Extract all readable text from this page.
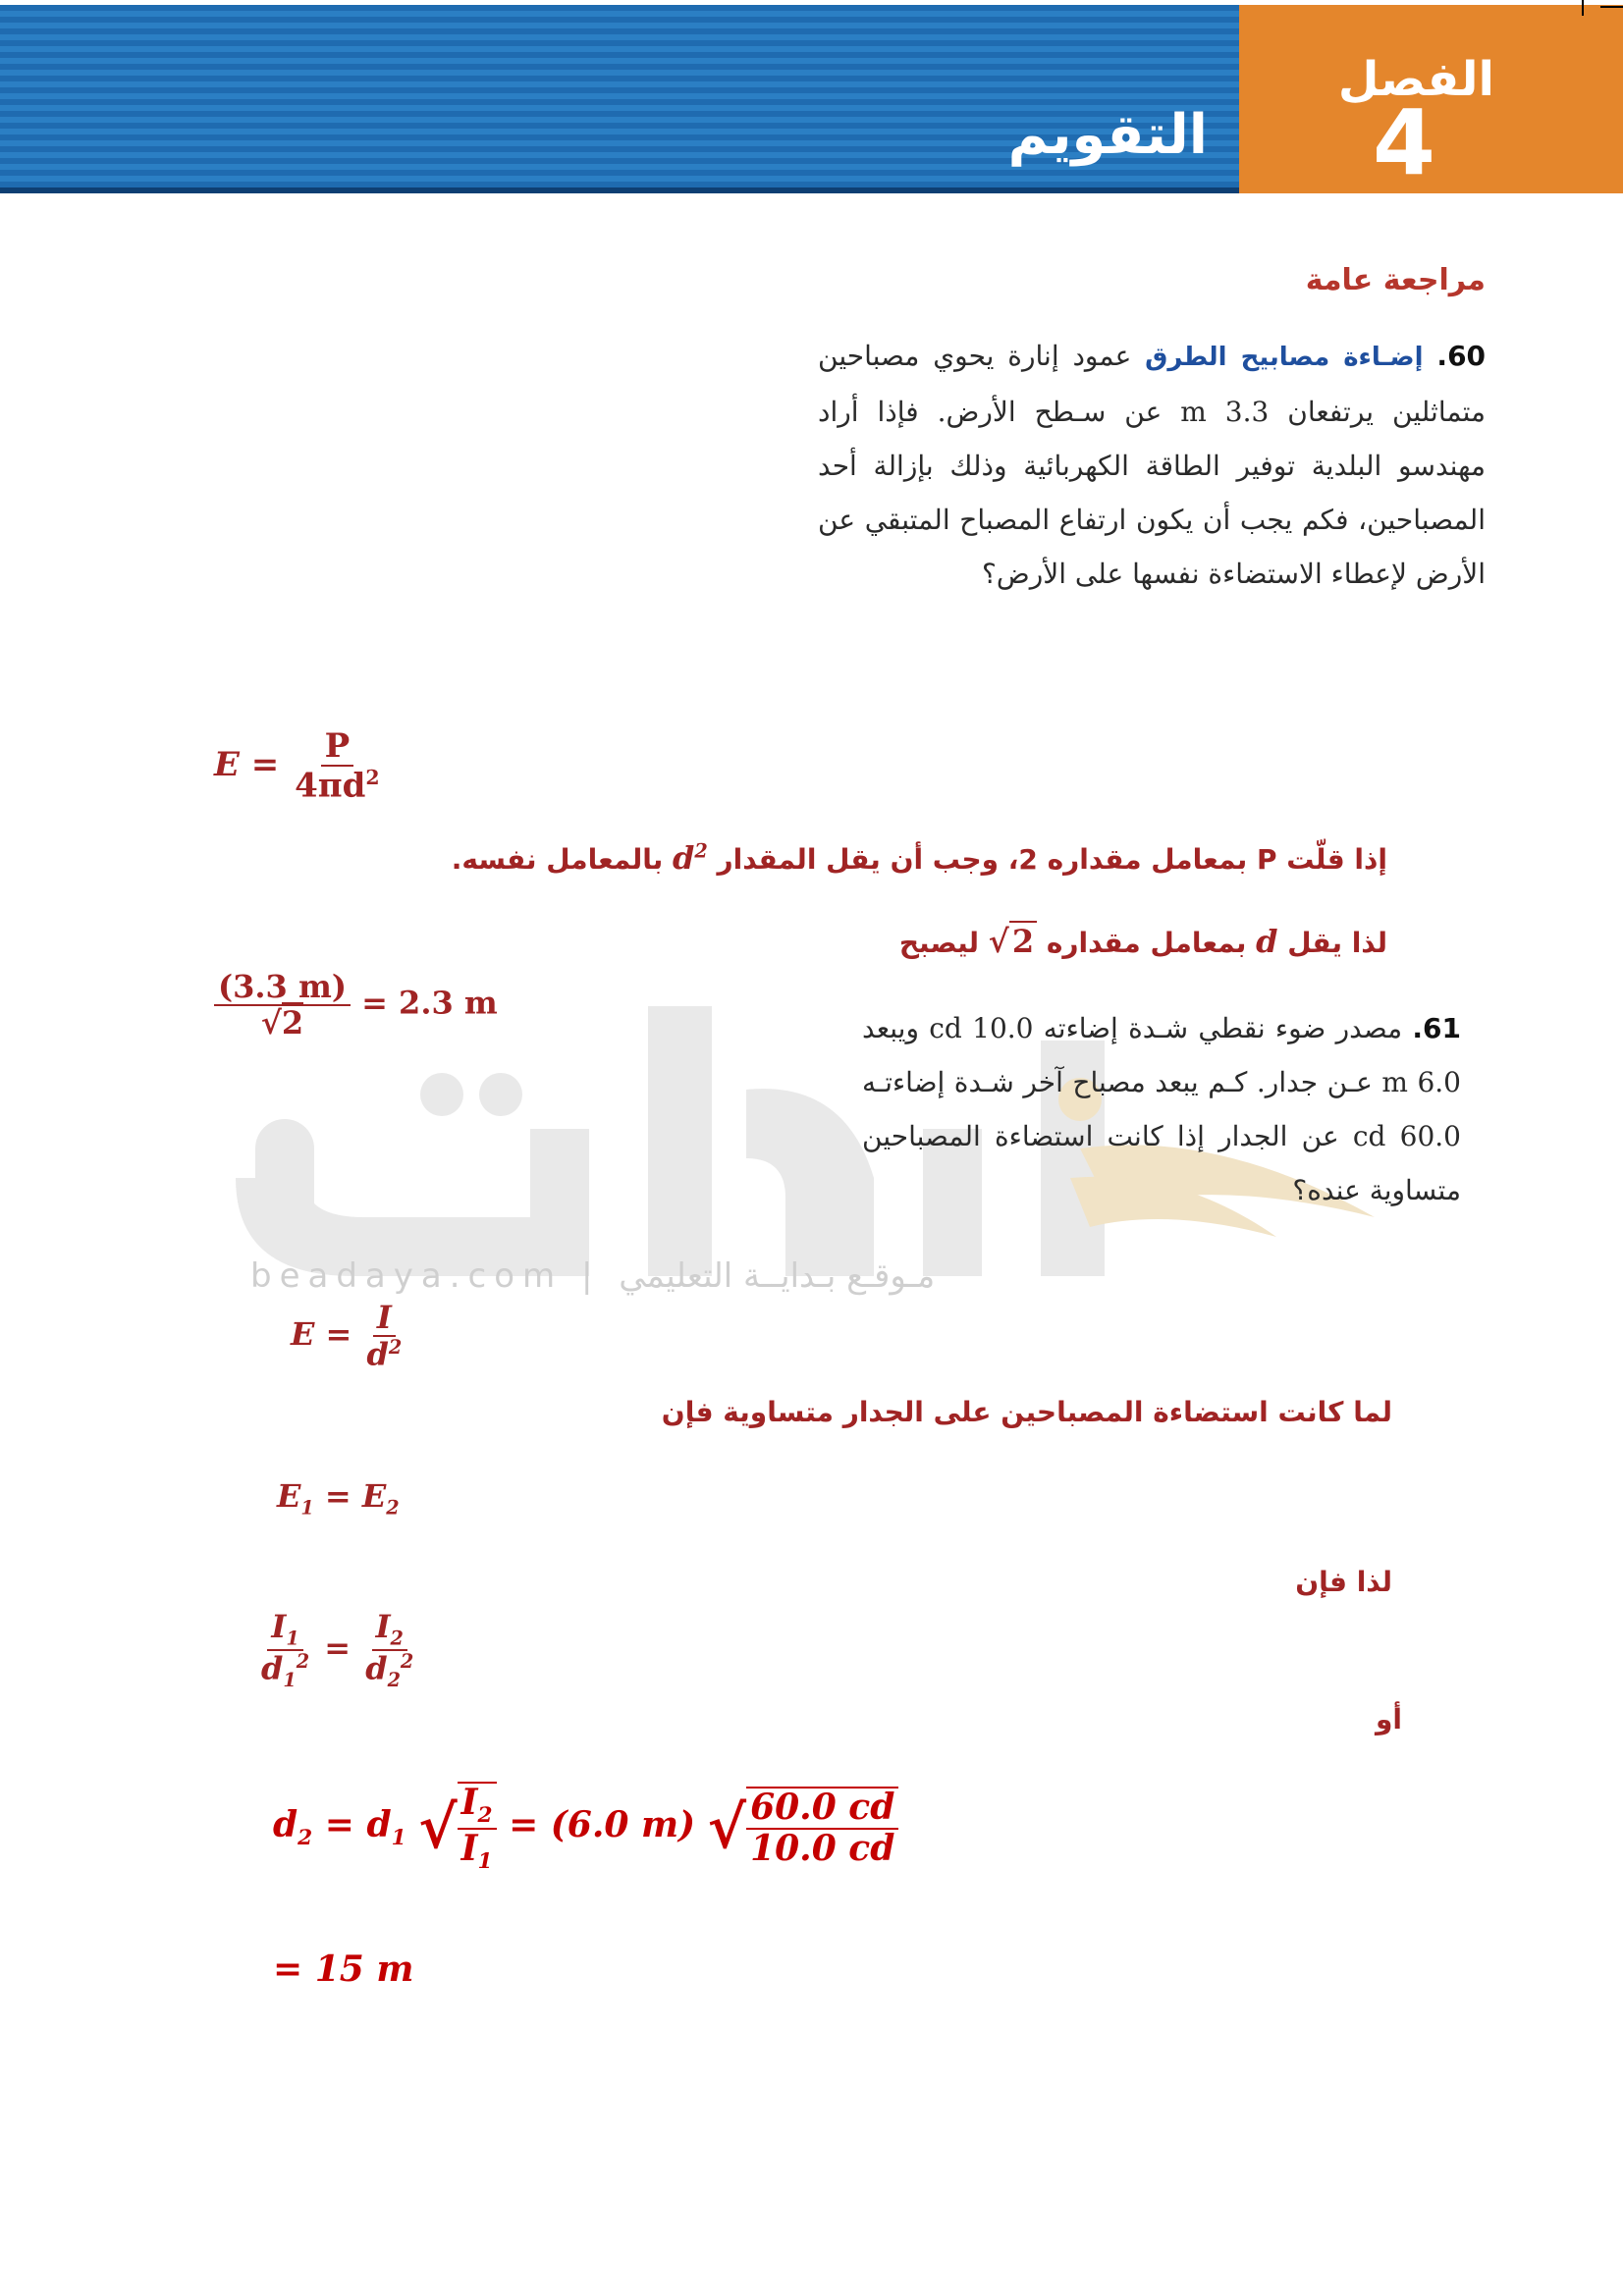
الفصل
4
التقويم
beadaya.com | مـوقـع بـدايــة التعليمي
مراجعة عامة
60. إضـاءة مصابيح الطرق عمود إنارة يحوي مصباحين متماثلين يرتفعان 3.3 m عن سـطح الأرض. فإذا أراد مهندسو البلدية توفير الطاقة الكهربائية وذلك بإزالة أحد المصباحين، فكم يجب أن يكون ارتفاع المصباح المتبقي عن الأرض لإعطاء الاستضاءة نفسها على الأرض؟
$E = \frac{P}{4\pi d^2}$
إذا قلّت P بمعامل مقداره 2، وجب أن يقل المقدار $d^2$ بالمعامل نفسه.
لذا يقل d بمعامل مقداره √2 ليصبح
$\frac{(3.3 m)}{√2} = 2.3$ m
61. مصدر ضوء نقطي شـدة إضاءته 10.0 cd ويبعد 6.0 m عـن جدار. كـم يبعد مصباح آخر شـدة إضاءتـه 60.0 cd عن الجدار إذا كانت استضاءة المصباحين متساوية عنده؟
$E = \frac{I}{d^2}$
لما كانت استضاءة المصباحين على الجدار متساوية فإن
$E_1 = E_2$
لذا فإن
$\frac{I_1}{d_1^2} = \frac{I_2}{d_2^2}$
أو
$d_2 = d_1$ √ $\frac{I_2}{I_1} = (6.0$ m) √ $\frac{60.0 cd}{10.0 cd}$
= 15 m
